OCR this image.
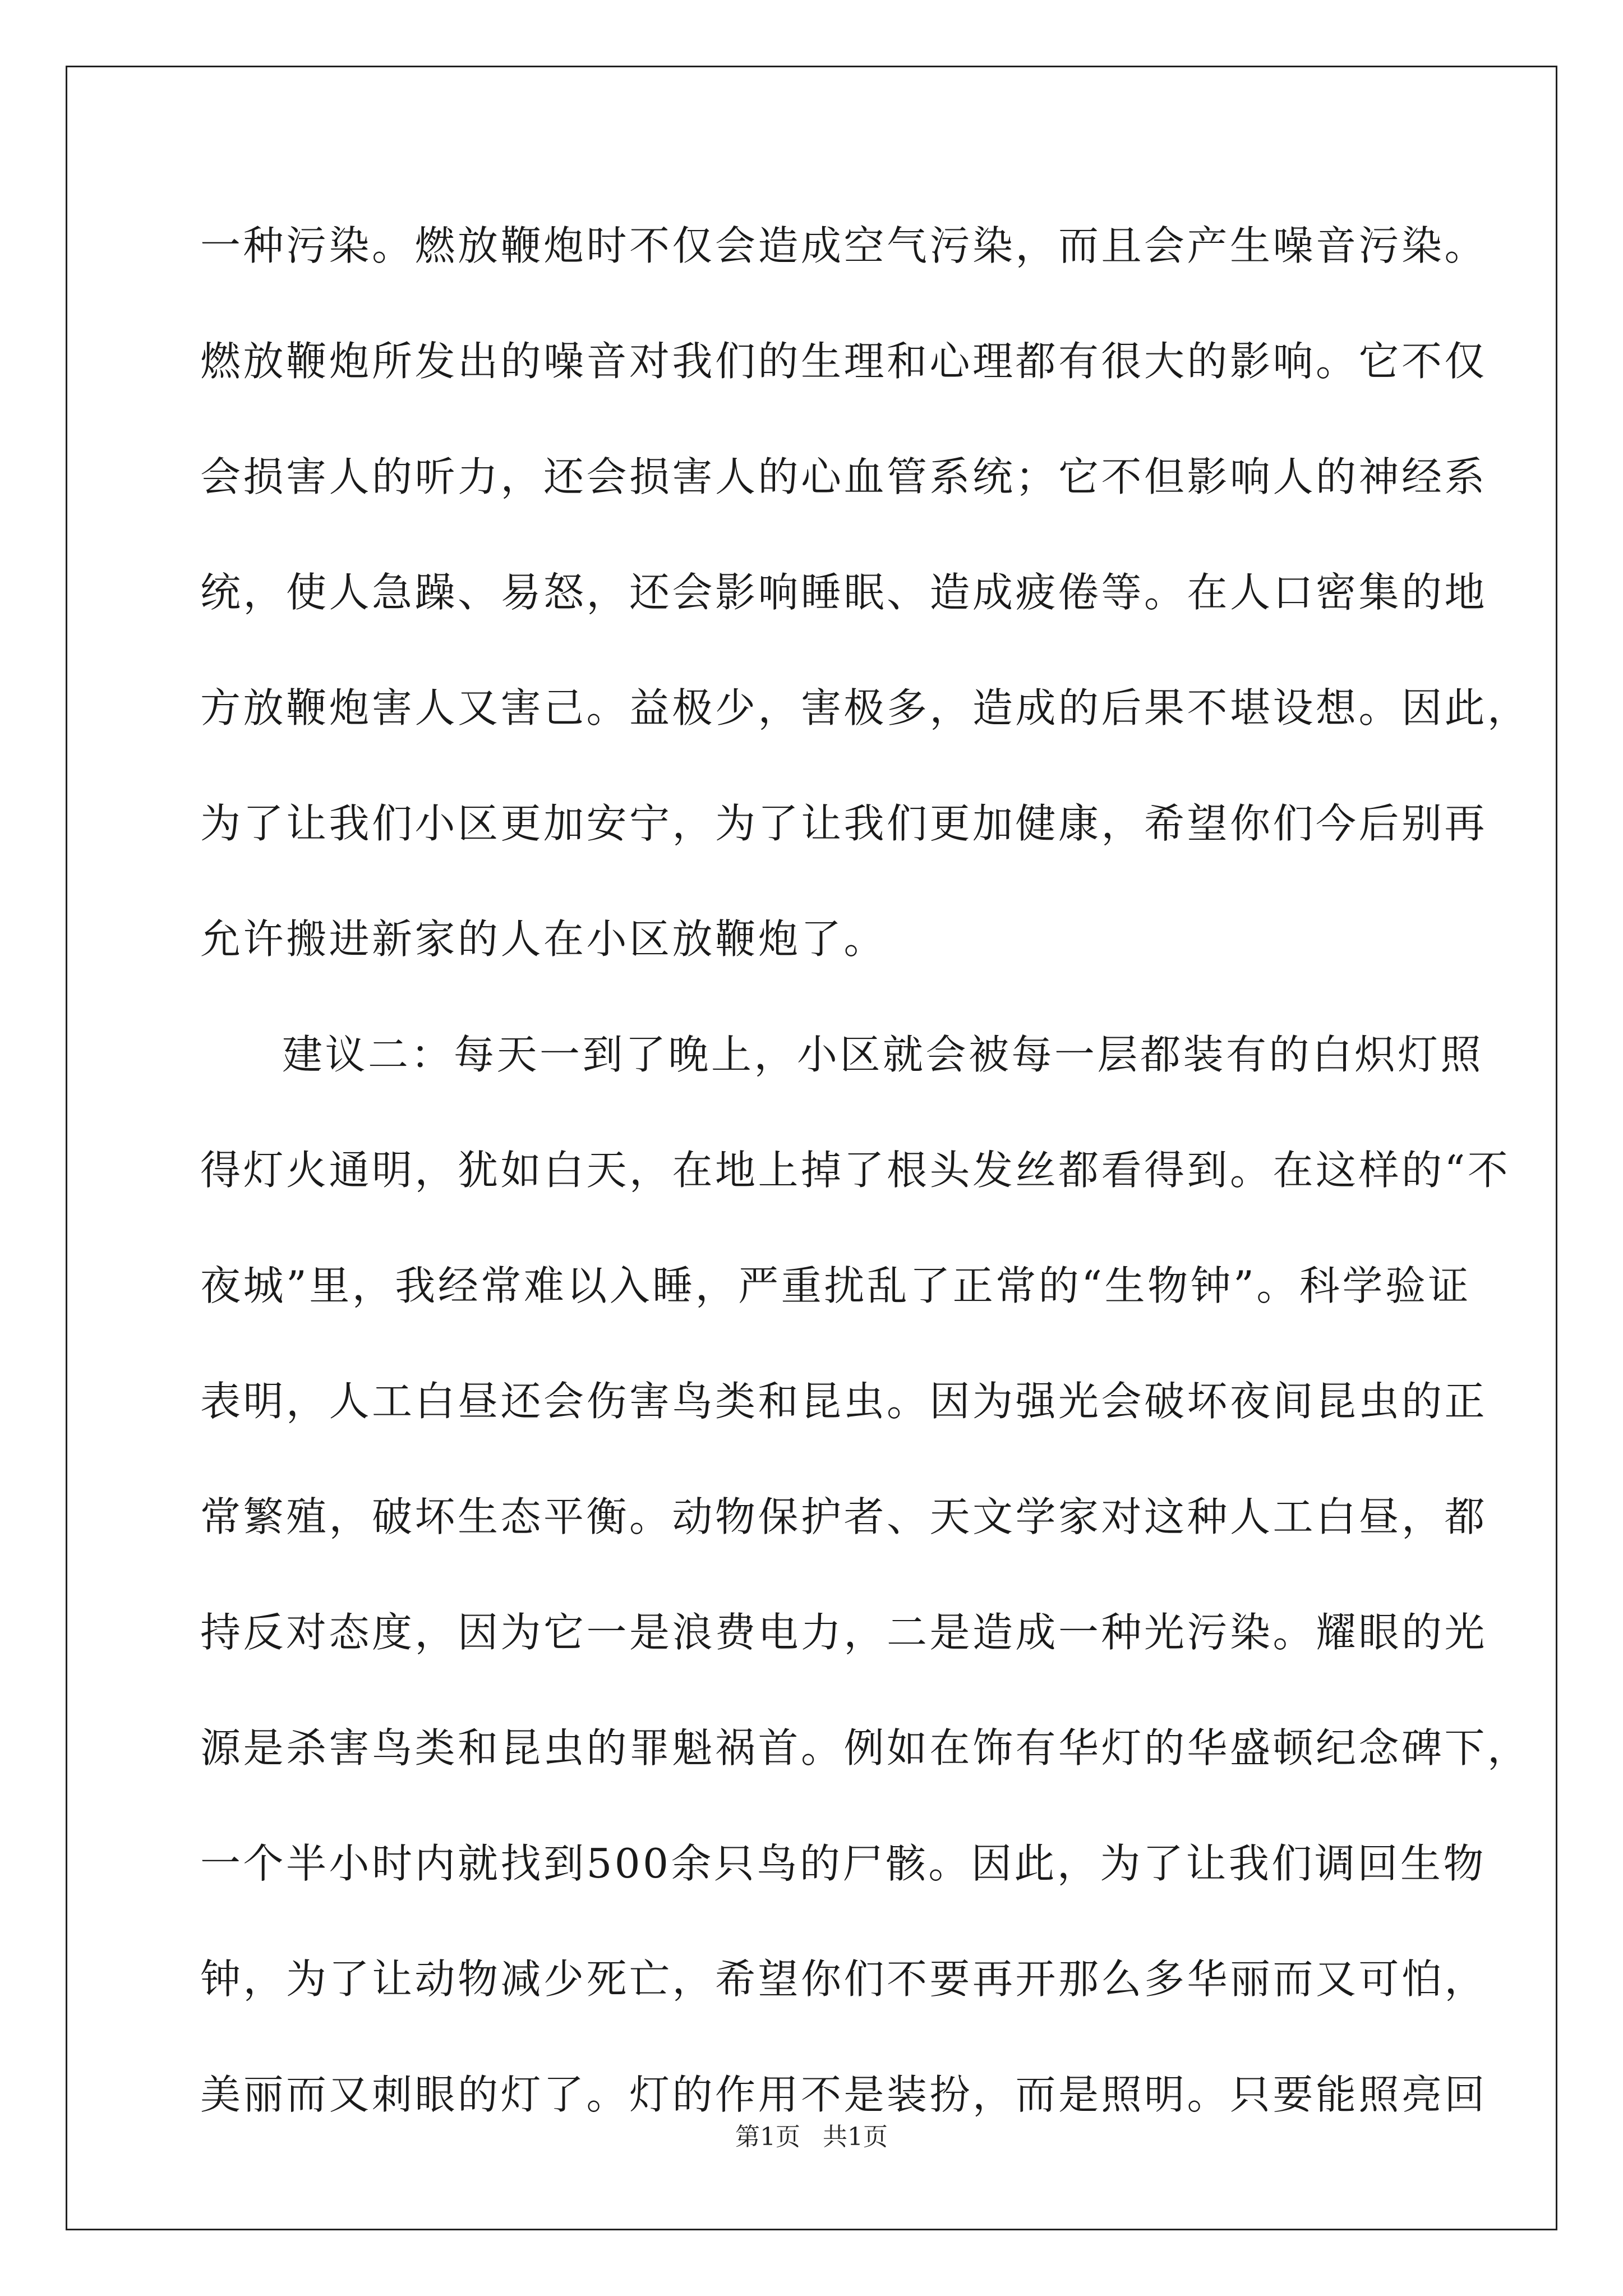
一种污染。燃放鞭炮时不仅会造成空气污染，而且会产生噪音污染。
燃放鞭炮所发出的噪音对我们的生理和心理都有很大的影响。它不仅
会损害人的听力，还会损害人的心血管系统；它不但影响人的神经系
统，使人急躁、易怒，还会影响睡眠、造成疲倦等。在人口密集的地
方放鞭炮害人又害己。益极少，害极多，造成的后果不堪设想。因此，
为了让我们小区更加安宁，为了让我们更加健康，希望你们今后别再
允许搬进新家的人在小区放鞭炮了。
建议二：每天一到了晚上，小区就会被每一层都装有的白炽灯照
得灯火通明，犹如白天，在地上掉了根头发丝都看得到。在这样的“不
夜城”里，我经常难以入睡，严重扰乱了正常的“生物钟”。科学验证
表明，人工白昼还会伤害鸟类和昆虫。因为强光会破坏夜间昆虫的正
常繁殖，破坏生态平衡。动物保护者、天文学家对这种人工白昼，都
持反对态度，因为它一是浪费电力，二是造成一种光污染。耀眼的光
源是杀害鸟类和昆虫的罪魁祸首。例如在饰有华灯的华盛顿纪念碑下，
一个半小时内就找到500余只鸟的尸骸。因此，为了让我们调回生物
钟，为了让动物减少死亡，希望你们不要再开那么多华丽而又可怕，
美丽而又刺眼的灯了。灯的作用不是装扮，而是照明。只要能照亮回
第1页 共1页
